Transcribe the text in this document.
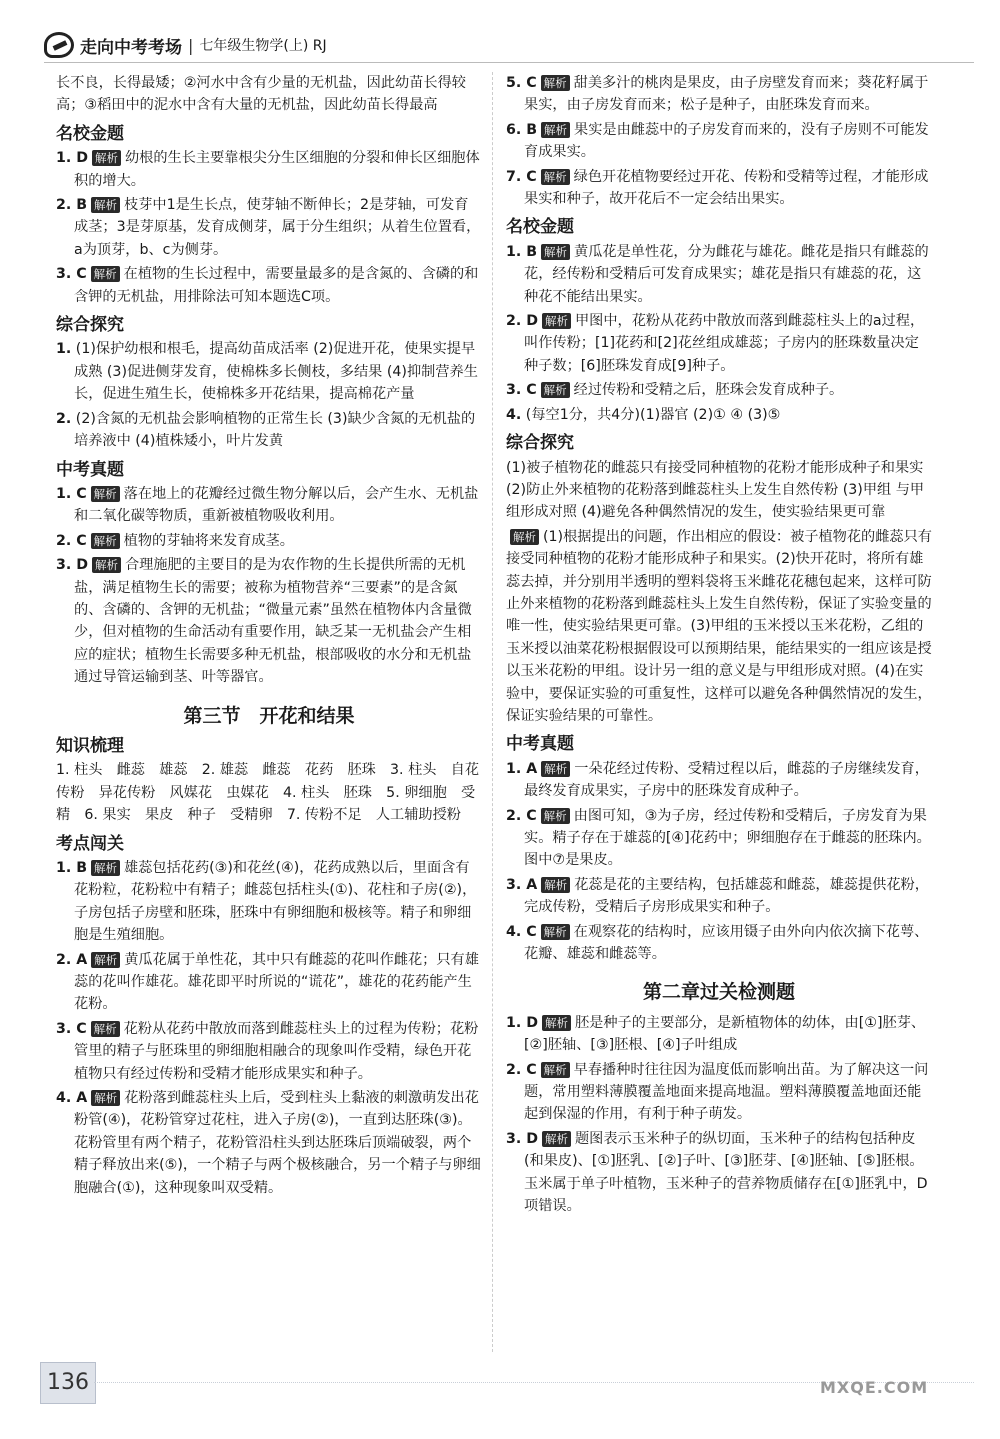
走向中考考场 | 七年级生物学(上) RJ
长不良，长得最矮；②河水中含有少量的无机盐，因此幼苗长得较高；③稻田中的泥水中含有大量的无机盐，因此幼苗长得最高
名校金题
1. D 解析 幼根的生长主要靠根尖分生区细胞的分裂和伸长区细胞体积的增大。
2. B 解析 枝芽中1是生长点，使芽轴不断伸长；2是芽轴，可发育成茎；3是芽原基，发育成侧芽，属于分生组织；从着生位置看，a为顶芽，b、c为侧芽。
3. C 解析 在植物的生长过程中，需要量最多的是含氮的、含磷的和含钾的无机盐，用排除法可知本题选C项。
综合探究
1. (1)保护幼根和根毛，提高幼苗成活率 (2)促进开花，使果实提早成熟 (3)促进侧芽发育，使棉株多长侧枝，多结果 (4)抑制营养生长，促进生殖生长，使棉株多开花结果，提高棉花产量
2. (2)含氮的无机盐会影响植物的正常生长 (3)缺少含氮的无机盐的培养液中 (4)植株矮小，叶片发黄
中考真题
1. C 解析 落在地上的花瓣经过微生物分解以后，会产生水、无机盐和二氧化碳等物质，重新被植物吸收利用。
2. C 解析 植物的芽轴将来发育成茎。
3. D 解析 合理施肥的主要目的是为农作物的生长提供所需的无机盐，满足植物生长的需要；被称为植物营养“三要素”的是含氮的、含磷的、含钾的无机盐；“微量元素”虽然在植物体内含量微少，但对植物的生命活动有重要作用，缺乏某一无机盐会产生相应的症状；植物生长需要多种无机盐，根部吸收的水分和无机盐通过导管运输到茎、叶等器官。
第三节　开花和结果
知识梳理
1. 柱头　雌蕊　雄蕊　2. 雄蕊　雌蕊　花药　胚珠　3. 柱头　自花传粉　异花传粉　风媒花　虫媒花　4. 柱头　胚珠　5. 卵细胞　受精　6. 果实　果皮　种子　受精卵　7. 传粉不足　人工辅助授粉
考点闯关
1. B 解析 雄蕊包括花药(③)和花丝(④)，花药成熟以后，里面含有花粉粒，花粉粒中有精子；雌蕊包括柱头(①)、花柱和子房(②)，子房包括子房壁和胚珠，胚珠中有卵细胞和极核等。精子和卵细胞是生殖细胞。
2. A 解析 黄瓜花属于单性花，其中只有雌蕊的花叫作雌花；只有雄蕊的花叫作雄花。雄花即平时所说的“谎花”，雄花的花药能产生花粉。
3. C 解析 花粉从花药中散放而落到雌蕊柱头上的过程为传粉；花粉管里的精子与胚珠里的卵细胞相融合的现象叫作受精，绿色开花植物只有经过传粉和受精才能形成果实和种子。
4. A 解析 花粉落到雌蕊柱头上后，受到柱头上黏液的刺激萌发出花粉管(④)，花粉管穿过花柱，进入子房(②)，一直到达胚珠(③)。花粉管里有两个精子，花粉管沿柱头到达胚珠后顶端破裂，两个精子释放出来(⑤)，一个精子与两个极核融合，另一个精子与卵细胞融合(①)，这种现象叫双受精。
5. C 解析 甜美多汁的桃肉是果皮，由子房壁发育而来；葵花籽属于果实，由子房发育而来；松子是种子，由胚珠发育而来。
6. B 解析 果实是由雌蕊中的子房发育而来的，没有子房则不可能发育成果实。
7. C 解析 绿色开花植物要经过开花、传粉和受精等过程，才能形成果实和种子，故开花后不一定会结出果实。
名校金题
1. B 解析 黄瓜花是单性花，分为雌花与雄花。雌花是指只有雌蕊的花，经传粉和受精后可发育成果实；雄花是指只有雄蕊的花，这种花不能结出果实。
2. D 解析 甲图中，花粉从花药中散放而落到雌蕊柱头上的a过程，叫作传粉；[1]花药和[2]花丝组成雄蕊；子房内的胚珠数量决定种子数；[6]胚珠发育成[9]种子。
3. C 解析 经过传粉和受精之后，胚珠会发育成种子。
4. (每空1分，共4分)(1)器官 (2)① ④ (3)⑤
综合探究
(1)被子植物花的雌蕊只有接受同种植物的花粉才能形成种子和果实 (2)防止外来植物的花粉落到雌蕊柱头上发生自然传粉 (3)甲组 与甲组形成对照 (4)避免各种偶然情况的发生，使实验结果更可靠
解析 (1)根据提出的问题，作出相应的假设：被子植物花的雌蕊只有接受同种植物的花粉才能形成种子和果实。(2)快开花时，将所有雄蕊去掉，并分别用半透明的塑料袋将玉米雌花花穗包起来，这样可防止外来植物的花粉落到雌蕊柱头上发生自然传粉，保证了实验变量的唯一性，使实验结果更可靠。(3)甲组的玉米授以玉米花粉，乙组的玉米授以油菜花粉根据假设可以预期结果，能结果实的一组应该是授以玉米花粉的甲组。设计另一组的意义是与甲组形成对照。(4)在实验中，要保证实验的可重复性，这样可以避免各种偶然情况的发生，保证实验结果的可靠性。
中考真题
1. A 解析 一朵花经过传粉、受精过程以后，雌蕊的子房继续发育，最终发育成果实，子房中的胚珠发育成种子。
2. C 解析 由图可知，③为子房，经过传粉和受精后，子房发育为果实。精子存在于雄蕊的[④]花药中；卵细胞存在于雌蕊的胚珠内。图中⑦是果皮。
3. A 解析 花蕊是花的主要结构，包括雄蕊和雌蕊，雄蕊提供花粉，完成传粉，受精后子房形成果实和种子。
4. C 解析 在观察花的结构时，应该用镊子由外向内依次摘下花萼、花瓣、雄蕊和雌蕊等。
第二章过关检测题
1. D 解析 胚是种子的主要部分，是新植物体的幼体，由[①]胚芽、[②]胚轴、[③]胚根、[④]子叶组成
2. C 解析 早春播种时往往因为温度低而影响出苗。为了解决这一问题，常用塑料薄膜覆盖地面来提高地温。塑料薄膜覆盖地面还能起到保湿的作用，有利于种子萌发。
3. D 解析 题图表示玉米种子的纵切面，玉米种子的结构包括种皮(和果皮)、[①]胚乳、[②]子叶、[③]胚芽、[④]胚轴、[⑤]胚根。玉米属于单子叶植物，玉米种子的营养物质储存在[①]胚乳中，D项错误。
136	MXQE.COM
